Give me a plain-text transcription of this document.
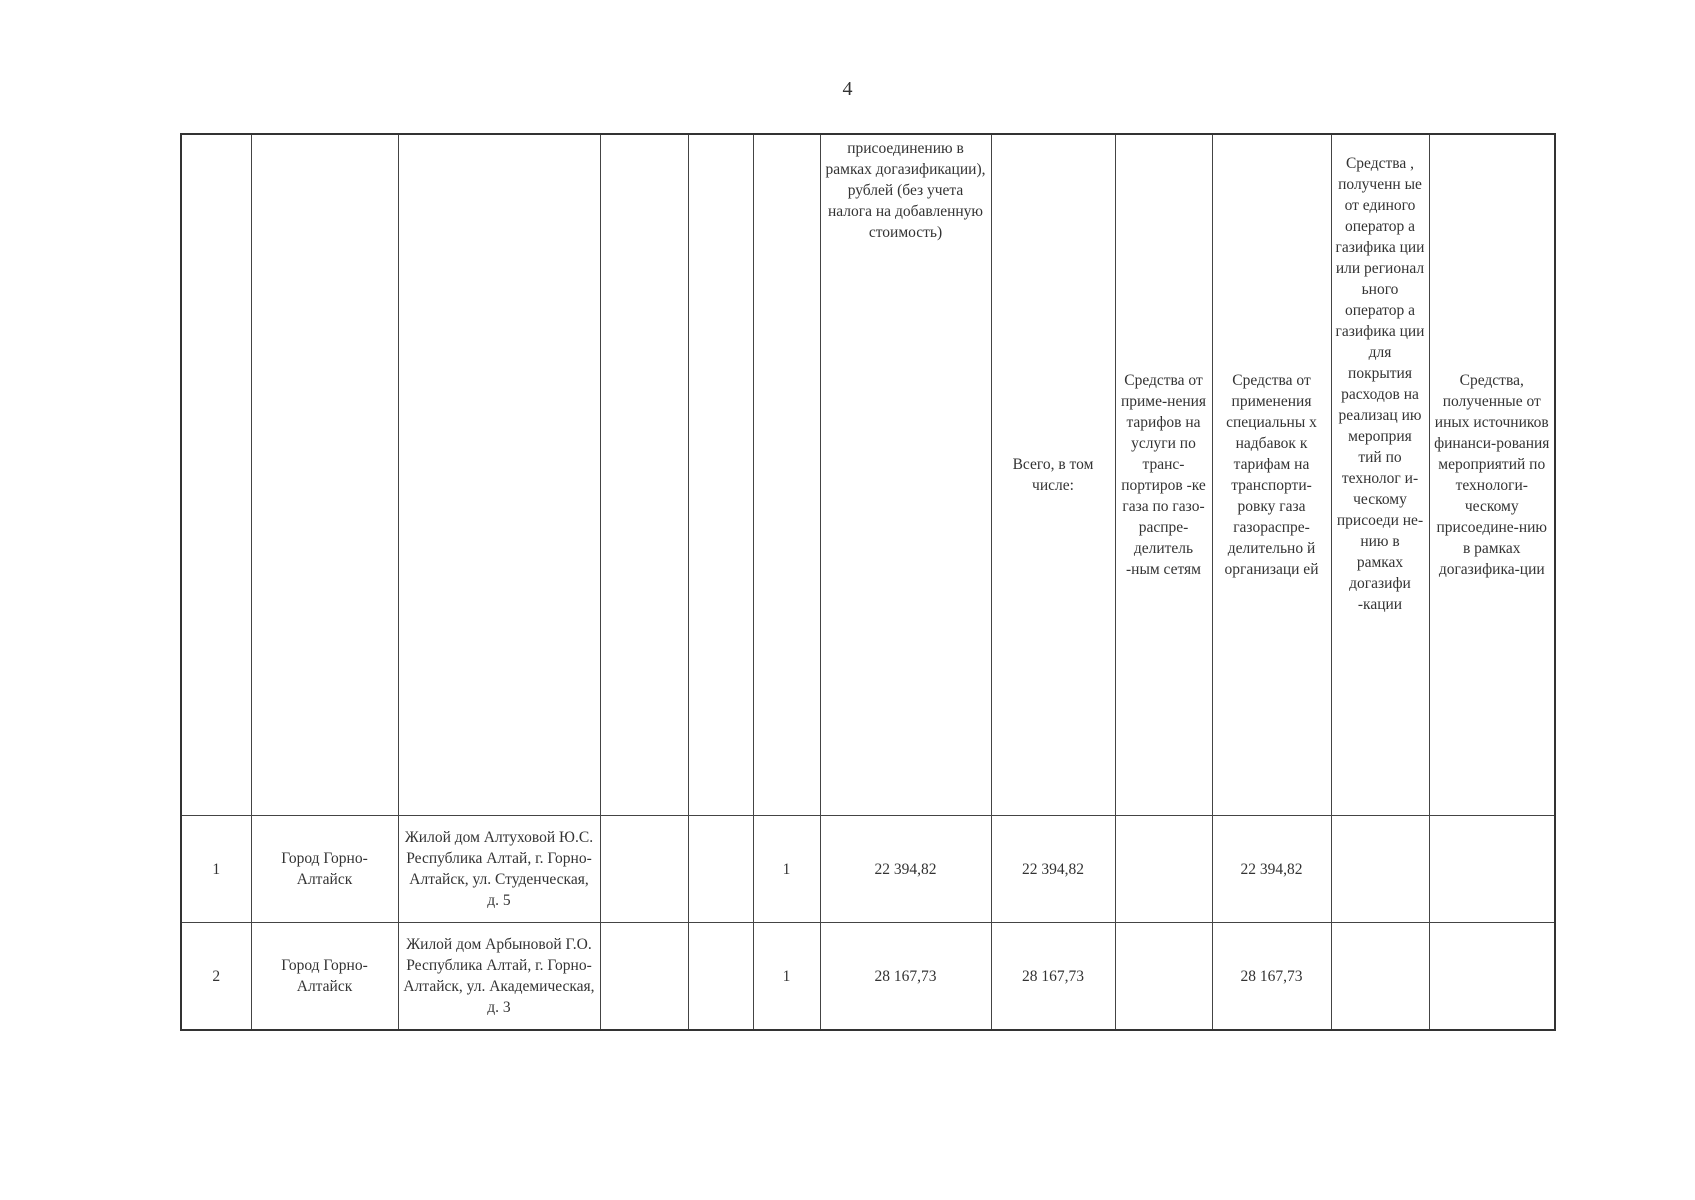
4

						присоединению в рамках догазификации), рублей (без учета налога на добавленную стоимость)	Всего, в том числе:	Средства от приме-нения тарифов на услуги по транс-портиров -ке газа по газо-распре-делитель -ным сетям	Средства от применения специальны х надбавок к тарифам на транспорти-ровку газа газораспре-делительно й организаци ей	Средства , полученн ые от единого оператор а газифика ции или регионал ьного оператор а газифика ции для покрытия расходов на реализац ию мероприя тий по технолог и-ческому присоеди не-нию в рамках догазифи -кации	Средства, полученные от иных источников финанси-рования мероприятий по технологи-ческому присоедине-нию в рамках догазифика-ции

1	Город Горно-Алтайск	Жилой дом Алтуховой Ю.С. Республика Алтай, г. Горно-Алтайск, ул. Студенческая, д. 5			1	22 394,82	22 394,82		22 394,82		
2	Город Горно-Алтайск	Жилой дом Арбыновой Г.О. Республика Алтай, г. Горно-Алтайск, ул. Академическая, д. 3			1	28 167,73	28 167,73		28 167,73		
